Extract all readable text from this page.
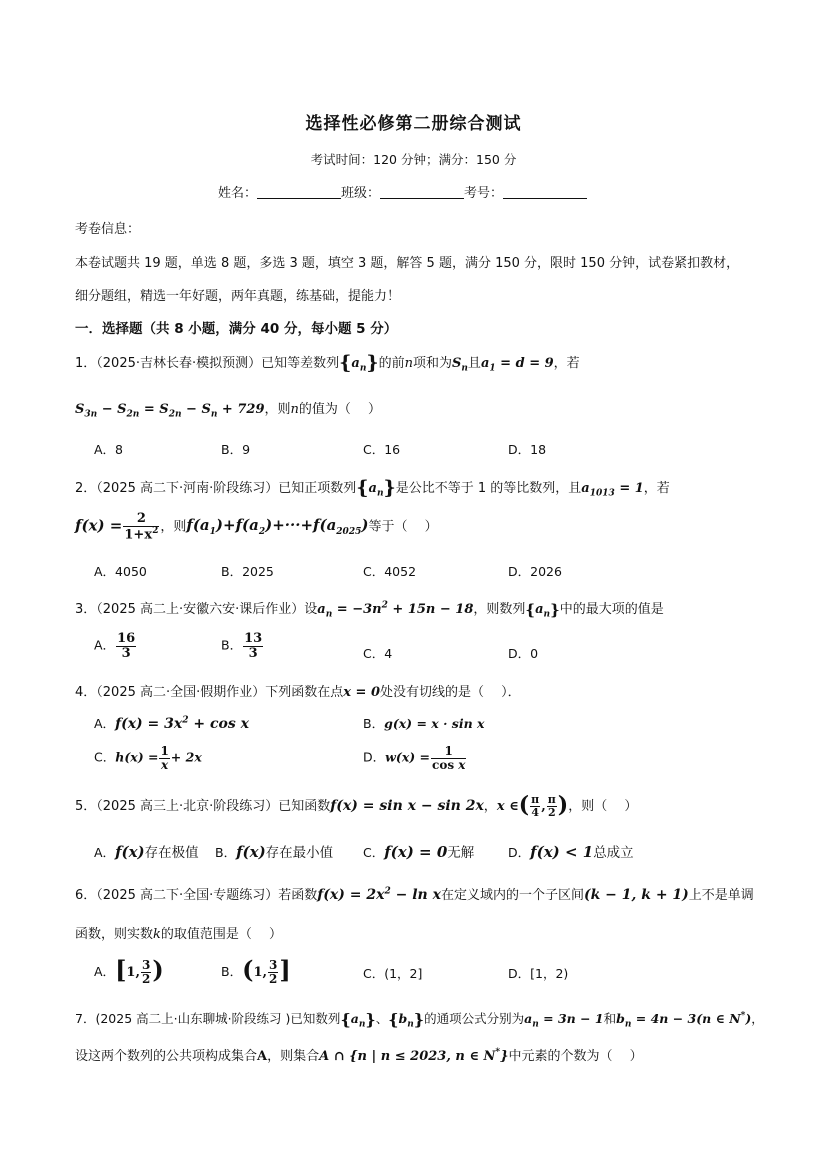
选择性必修第二册综合测试
考试时间：120 分钟；满分：150 分
姓名：	班级：	考号：
考卷信息：
本卷试题共 19 题，单选 8 题，多选 3 题，填空 3 题，解答 5 题，满分 150 分，限时 150 分钟，试卷紧扣教材，
细分题组，精选一年好题，两年真题，练基础，提能力！
一．选择题（共 8 小题，满分 40 分，每小题 5 分）
1．（2025·吉林长春·模拟预测）已知等差数列$\{a_n\}$的前n项和为$S_n$且$a_1 = d = 9$，若
$S_{3n} - S_{2n} = S_{2n} - S_n + 729$，则n的值为（　 ）
A．8	B．9	C．16	D．18
2．（2025 高二下·河南·阶段练习）已知正项数列$\{a_n\}$是公比不等于 1 的等比数列，且$a_{1013} = 1$，若
$f(x) = \frac{2}{1+x^2}$ ，则$f(a_1)+f(a_2)+\cdot\cdot\cdot+f(a_{2025})$等于（　 ）
A．4050	B．2025	C．4052	D．2026
3．（2025 高二上·安徽六安·课后作业）设$a_n = -3n^2 + 15n - 18$，则数列$\{a_n\}$中的最大项的值是
A． $\frac{16}{3}$	B． $\frac{13}{3}$	C．4	D．0
4．（2025 高二·全国·假期作业）下列函数在点x = 0处没有切线的是（　 ）．
A．$f(x) = 3x^2 + \cos x$	B．g(x) = x · sin x
C．$h(x) = \frac{1}{x} + 2x$	D．$w(x) = \frac{1}{\text{cos x}}$
5．（2025 高三上·北京·阶段练习）已知函数f(x) = sin x − sin 2x，x ∈( $\frac{\pi}{4}$ , $\frac{\pi}{2}$ )，则（　 ）
A．f(x)存在极值 B．f(x)存在最小值 C．f(x) = 0无解	D．f(x) < 1总成立
6．（2025 高二下·全国·专题练习）若函数$f(x) = 2x^2 - \ln x$在定义域内的一个子区间(k − 1, k + 1)上不是单调
函数，则实数k的取值范围是（　 ）
A．[1, $\frac{3}{2}$ )	B．(1, $\frac{3}{2}$ ]	C．(1，2]	D．[1，2)
7．(2025 高二上·山东聊城·阶段练习 )已知数列$\{a_n\}$、$\{b_n\}$的通项公式分别为$a_n = 3n - 1$和$b_n = 4n - 3(n$ ∈ N*)，
设这两个数列的公共项构成集合A，则集合A ∩ {n | n ≤ 2023, n ∈ N*}中元素的个数为（　 ）
